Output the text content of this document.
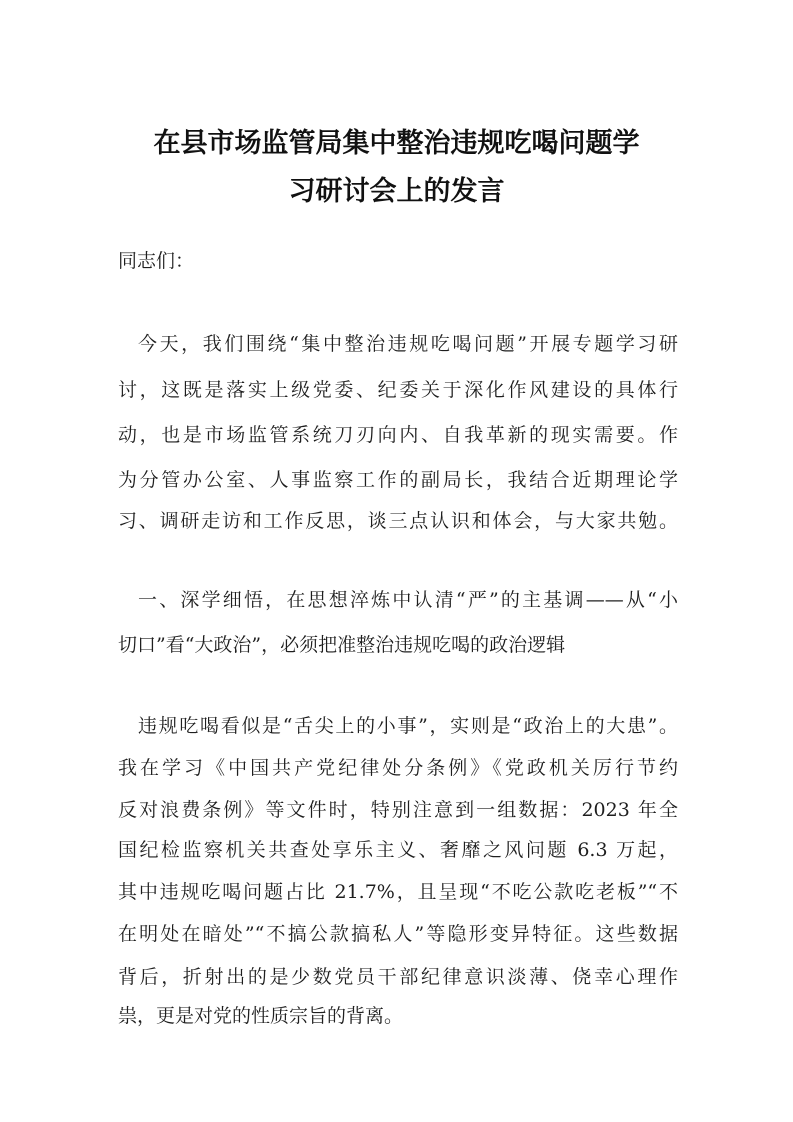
在县市场监管局集中整治违规吃喝问题学
习研讨会上的发言
同志们：
今天，我们围绕“集中整治违规吃喝问题”开展专题学习研
讨，这既是落实上级党委、纪委关于深化作风建设的具体行
动，也是市场监管系统刀刃向内、自我革新的现实需要。作
为分管办公室、人事监察工作的副局长，我结合近期理论学
习、调研走访和工作反思，谈三点认识和体会，与大家共勉。
一、深学细悟，在思想淬炼中认清“严”的主基调——从“小
切口”看“大政治”，必须把准整治违规吃喝的政治逻辑
违规吃喝看似是“舌尖上的小事”，实则是“政治上的大患”。
我在学习《中国共产党纪律处分条例》《党政机关厉行节约
反对浪费条例》等文件时，特别注意到一组数据：2023 年全
国纪检监察机关共查处享乐主义、奢靡之风问题 6.3 万起，
其中违规吃喝问题占比 21.7%，且呈现“不吃公款吃老板”“不
在明处在暗处”“不搞公款搞私人”等隐形变异特征。这些数据
背后，折射出的是少数党员干部纪律意识淡薄、侥幸心理作
祟，更是对党的性质宗旨的背离。
